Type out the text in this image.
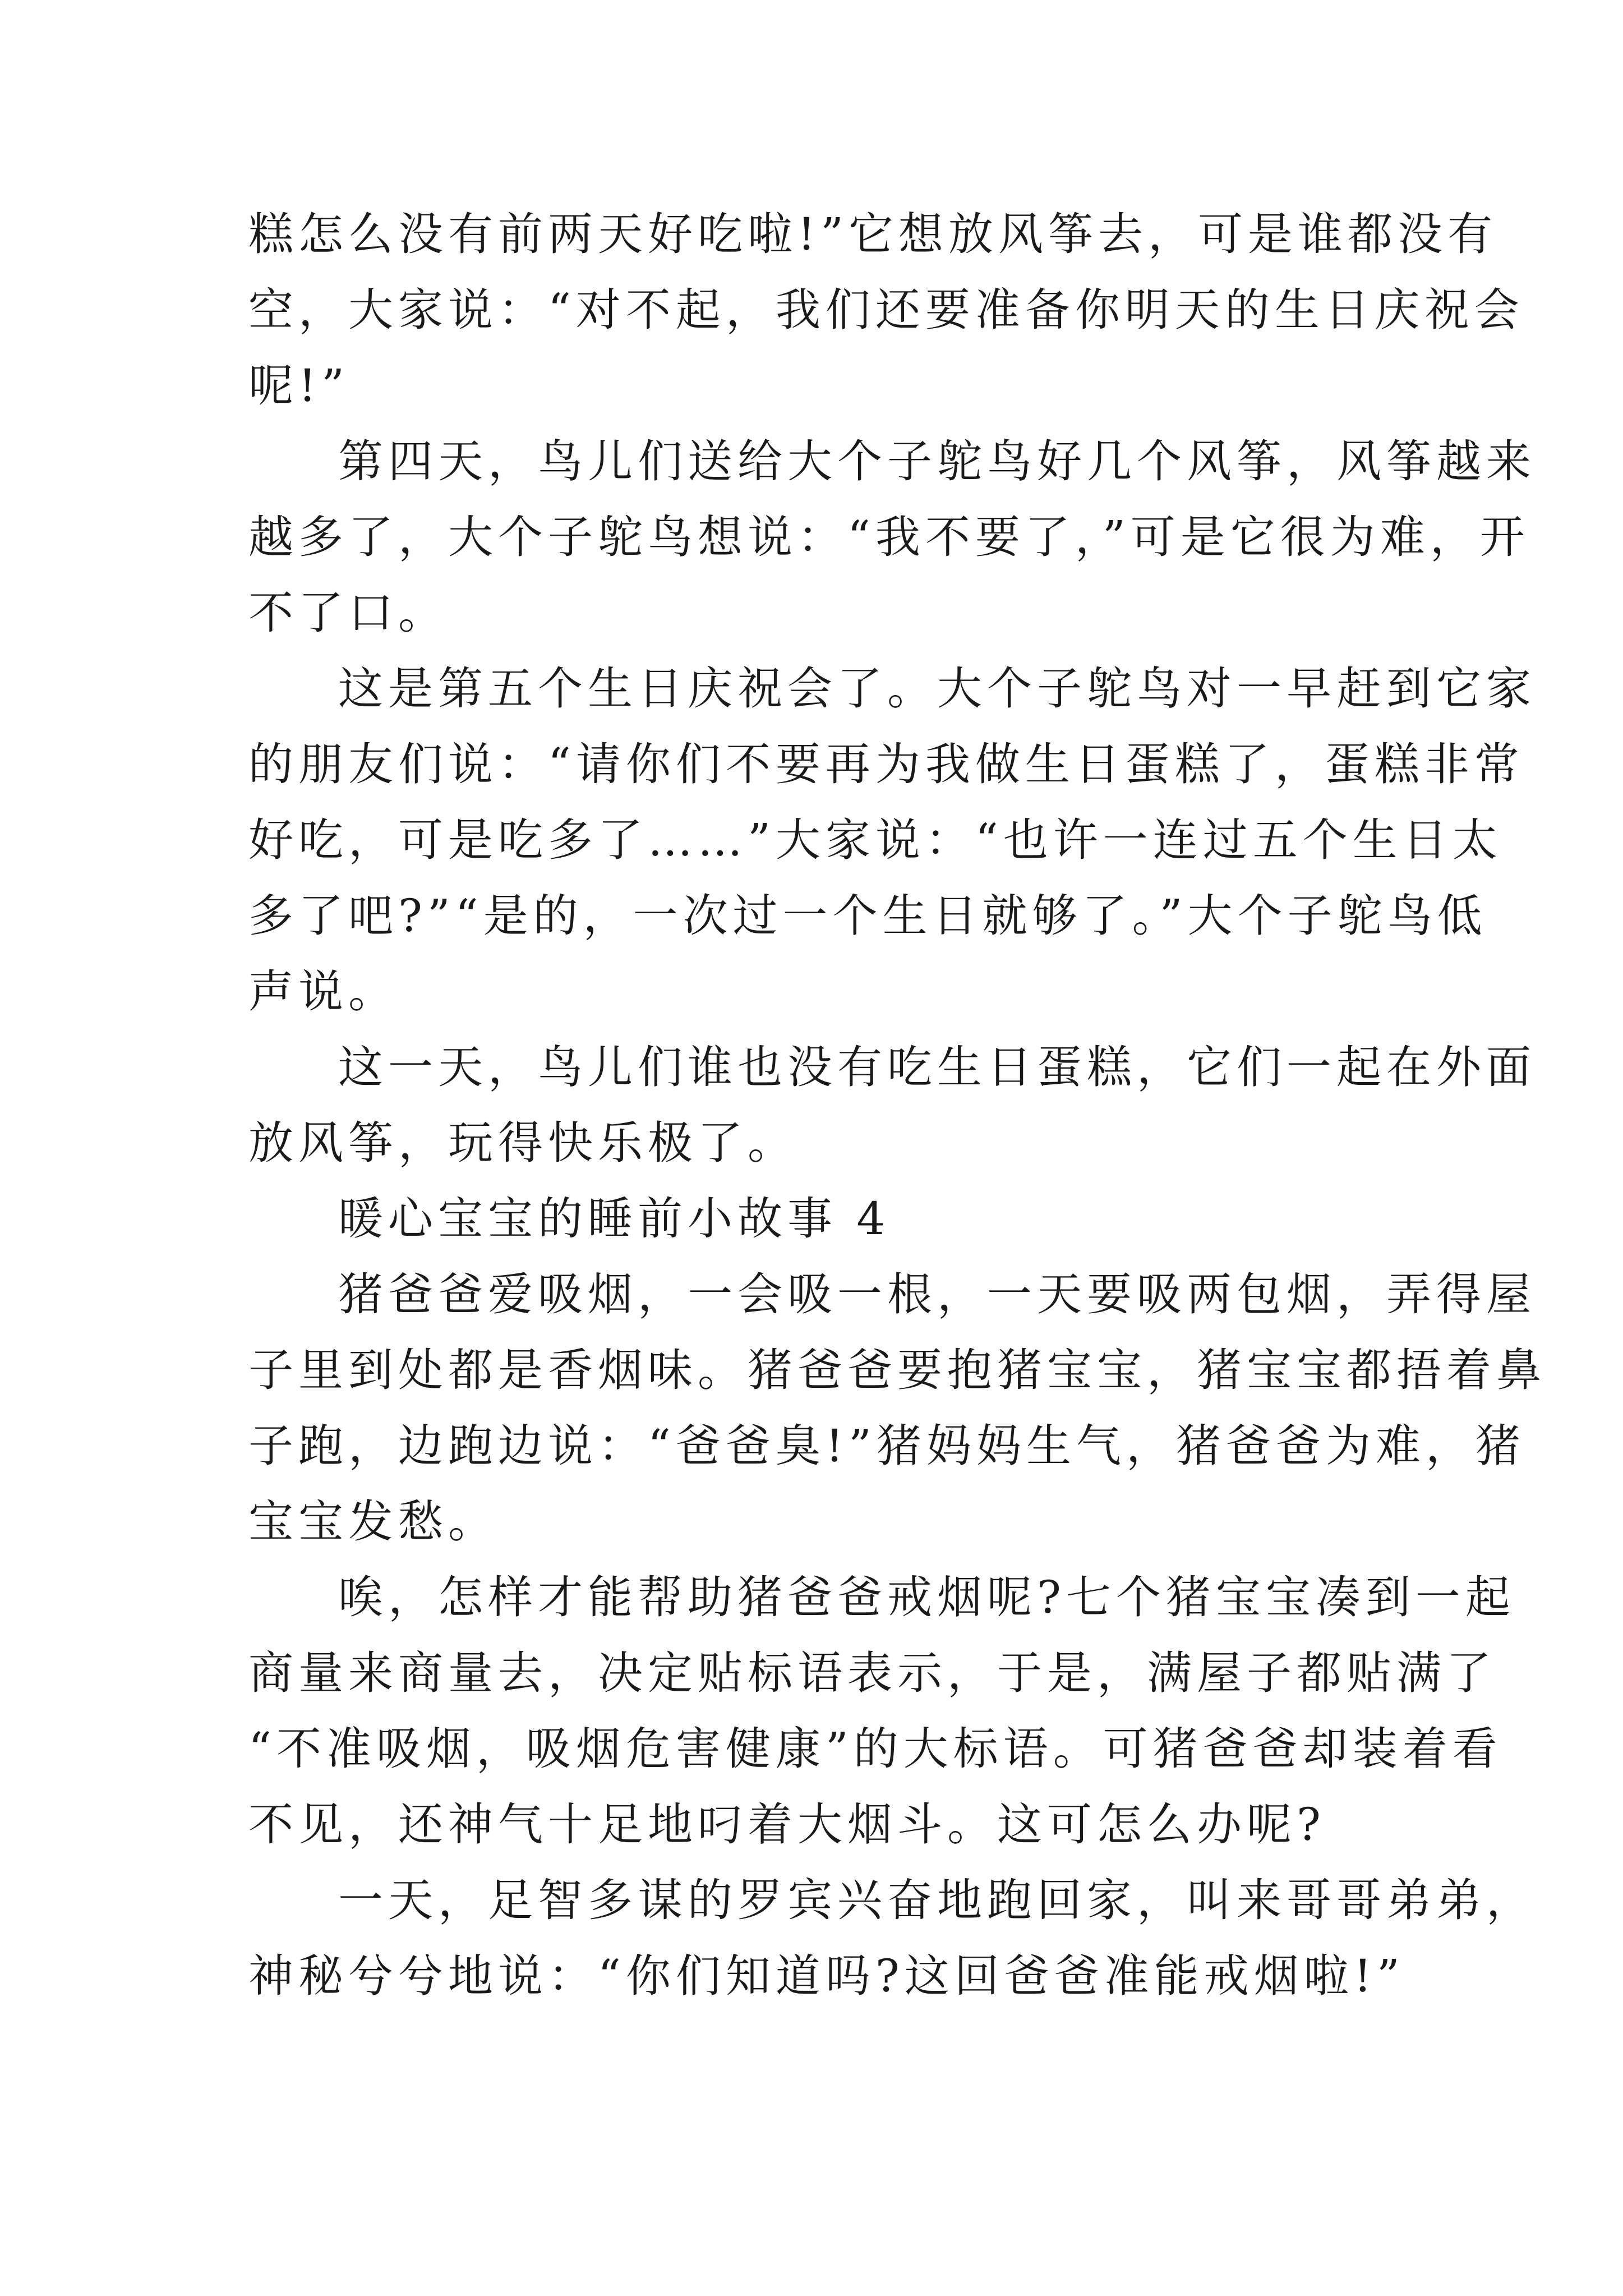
糕怎么没有前两天好吃啦!”它想放风筝去，可是谁都没有
空，大家说：“对不起，我们还要准备你明天的生日庆祝会
呢!”
第四天，鸟儿们送给大个子鸵鸟好几个风筝，风筝越来
越多了，大个子鸵鸟想说：“我不要了，”可是它很为难，开
不了口。
这是第五个生日庆祝会了。大个子鸵鸟对一早赶到它家
的朋友们说：“请你们不要再为我做生日蛋糕了，蛋糕非常
好吃，可是吃多了……”大家说：“也许一连过五个生日太
多了吧?”“是的，一次过一个生日就够了。”大个子鸵鸟低
声说。
这一天，鸟儿们谁也没有吃生日蛋糕，它们一起在外面
放风筝，玩得快乐极了。
暖心宝宝的睡前小故事 4
猪爸爸爱吸烟，一会吸一根，一天要吸两包烟，弄得屋
子里到处都是香烟味。猪爸爸要抱猪宝宝，猪宝宝都捂着鼻
子跑，边跑边说：“爸爸臭!”猪妈妈生气，猪爸爸为难，猪
宝宝发愁。
唉，怎样才能帮助猪爸爸戒烟呢?七个猪宝宝凑到一起
商量来商量去，决定贴标语表示，于是，满屋子都贴满了
“不准吸烟，吸烟危害健康”的大标语。可猪爸爸却装着看
不见，还神气十足地叼着大烟斗。这可怎么办呢?
一天，足智多谋的罗宾兴奋地跑回家，叫来哥哥弟弟，
神秘兮兮地说：“你们知道吗?这回爸爸准能戒烟啦!”
